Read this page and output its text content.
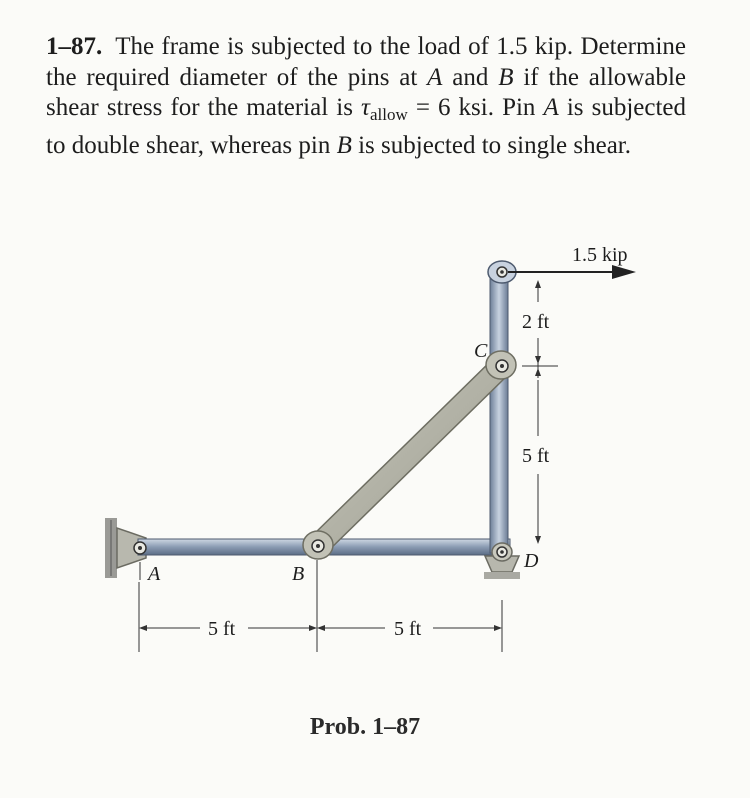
1–87. The frame is subjected to the load of 1.5 kip. Determine the required diameter of the pins at A and B if the allowable shear stress for the material is $\tau_{allow} = 6$ ksi. Pin A is subjected to double shear, whereas pin B is subjected to single shear.
1.5 kip
2 ft
5 ft
5 ft	5 ft
A	B
C
D
Prob. 1–87
